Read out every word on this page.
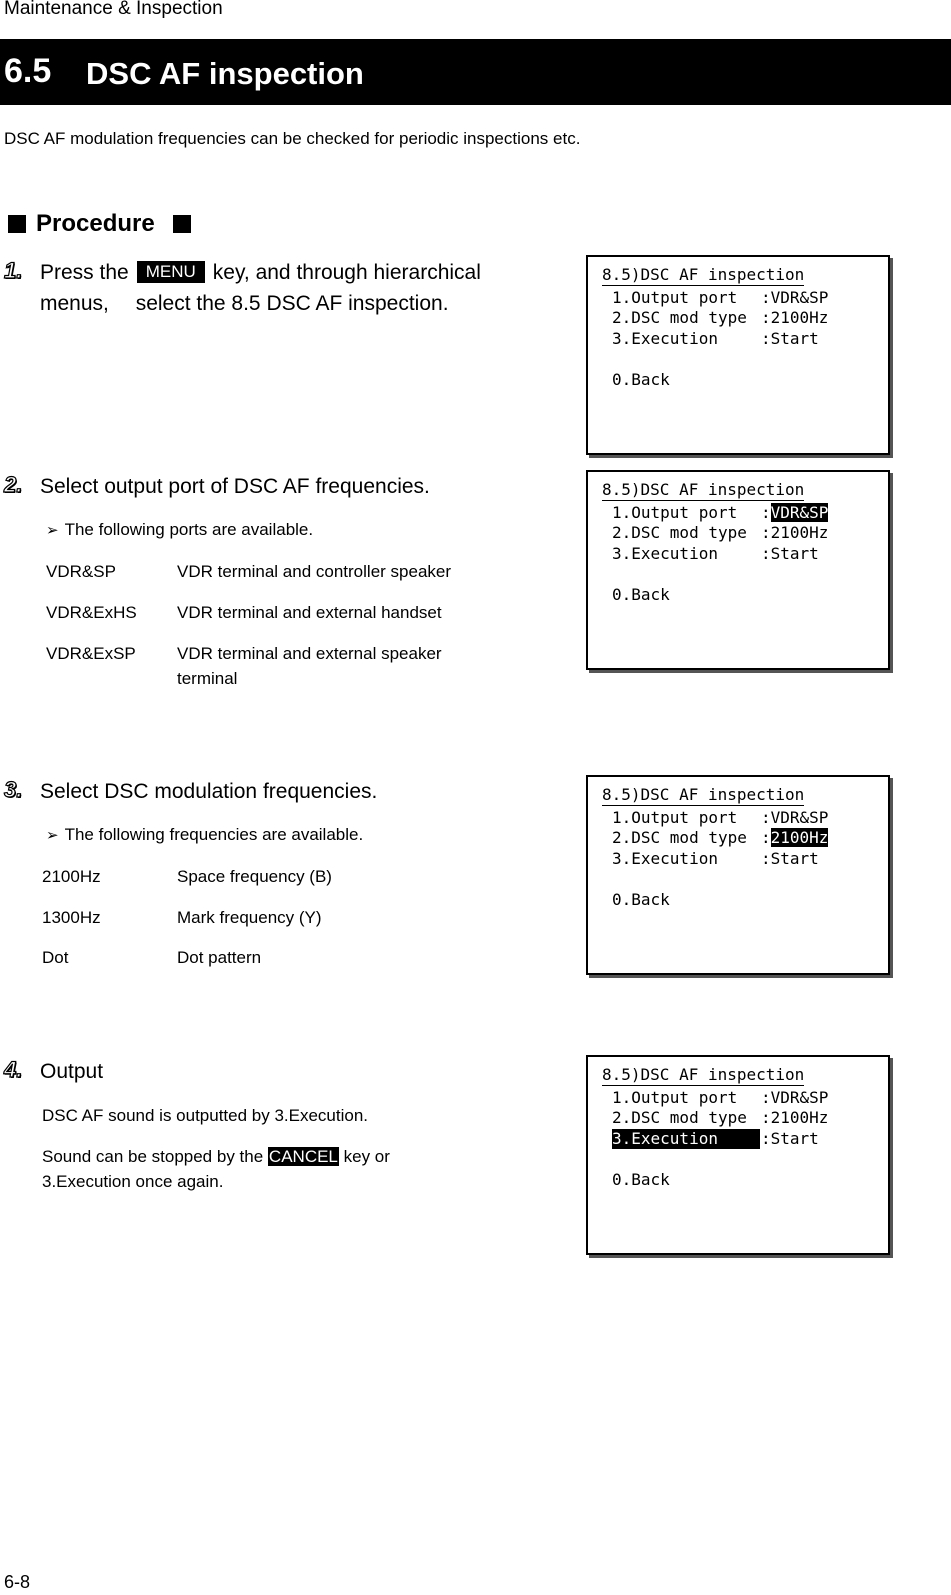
Maintenance & Inspection
6.5 DSC AF inspection
DSC AF modulation frequencies can be checked for periodic inspections etc.
Procedure
1. Press the MENU key, and through hierarchical
menus,  select the 8.5 DSC AF inspection.
8.5)DSC AF inspection
1.Output port :VDR&SP
2.DSC mod type :2100Hz
3.Execution	:Start
0.Back
2. Select output port of DSC AF frequencies.
➢ The following ports are available.
VDR&SP	VDR terminal and controller speaker
VDR&ExHS VDR terminal and external handset
VDR&ExSP VDR terminal and external speaker
terminal
8.5)DSC AF inspection
1.Output port :VDR&SP
2.DSC mod type :2100Hz
3.Execution	:Start
0.Back
3. Select DSC modulation frequencies.
➢ The following frequencies are available.
2100Hz	Space frequency (B)
1300Hz	Mark frequency (Y)
Dot	Dot pattern
8.5)DSC AF inspection
1.Output port :VDR&SP
2.DSC mod type :2100Hz
3.Execution	:Start
0.Back
4. Output
DSC AF sound is outputted by 3.Execution.
Sound can be stopped by the CANCEL key or
3.Execution once again.
8.5)DSC AF inspection
1.Output port :VDR&SP
2.DSC mod type :2100Hz
3.Execution	:Start
0.Back
6-8
